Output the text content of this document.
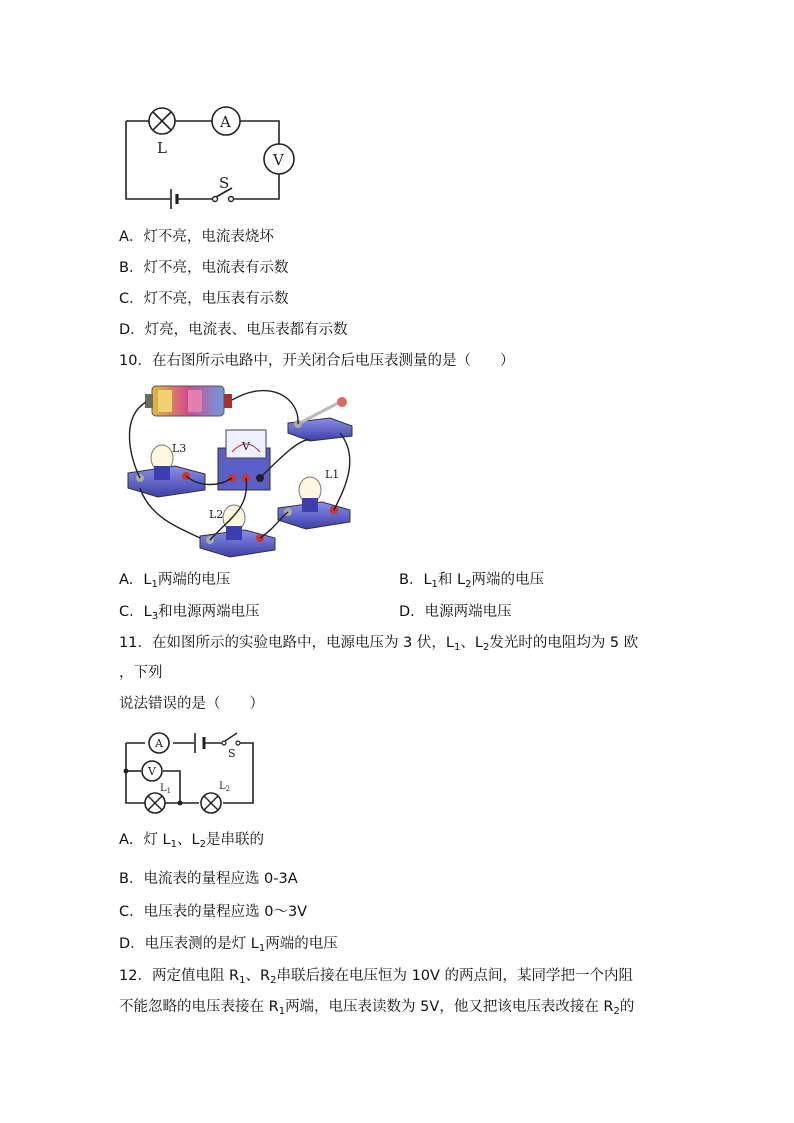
S
L
A
V
A．灯不亮，电流表烧坏
B．灯不亮，电流表有示数
C．灯不亮，电压表有示数
D．灯亮，电流表、电压表都有示数
10．在右图所示电路中，开关闭合后电压表测量的是（　　）
V
L3
L2
L1
A．$L_1$两端的电压	B．$L_1$和 $L_2$两端的电压
C．$L_3$和电源两端电压	D．电源两端电压
11．在如图所示的实验电路中，电源电压为 3 伏，$L_1$、$L_2$发光时的电阻均为 5 欧
，下列
说法错误的是（　　）
A
S
V
$L_1$	$L_2$
A．灯 $L_1$、$L_2$是串联的
B．电流表的量程应选 0-3A
C．电压表的量程应选 0～3V
D．电压表测的是灯 $L_1$两端的电压
12．两定值电阻 $R_1$、$R_2$串联后接在电压恒为 10V 的两点间，某同学把一个内阻
不能忽略的电压表接在 $R_1$两端，电压表读数为 5V，他又把该电压表改接在 $R_2$的
